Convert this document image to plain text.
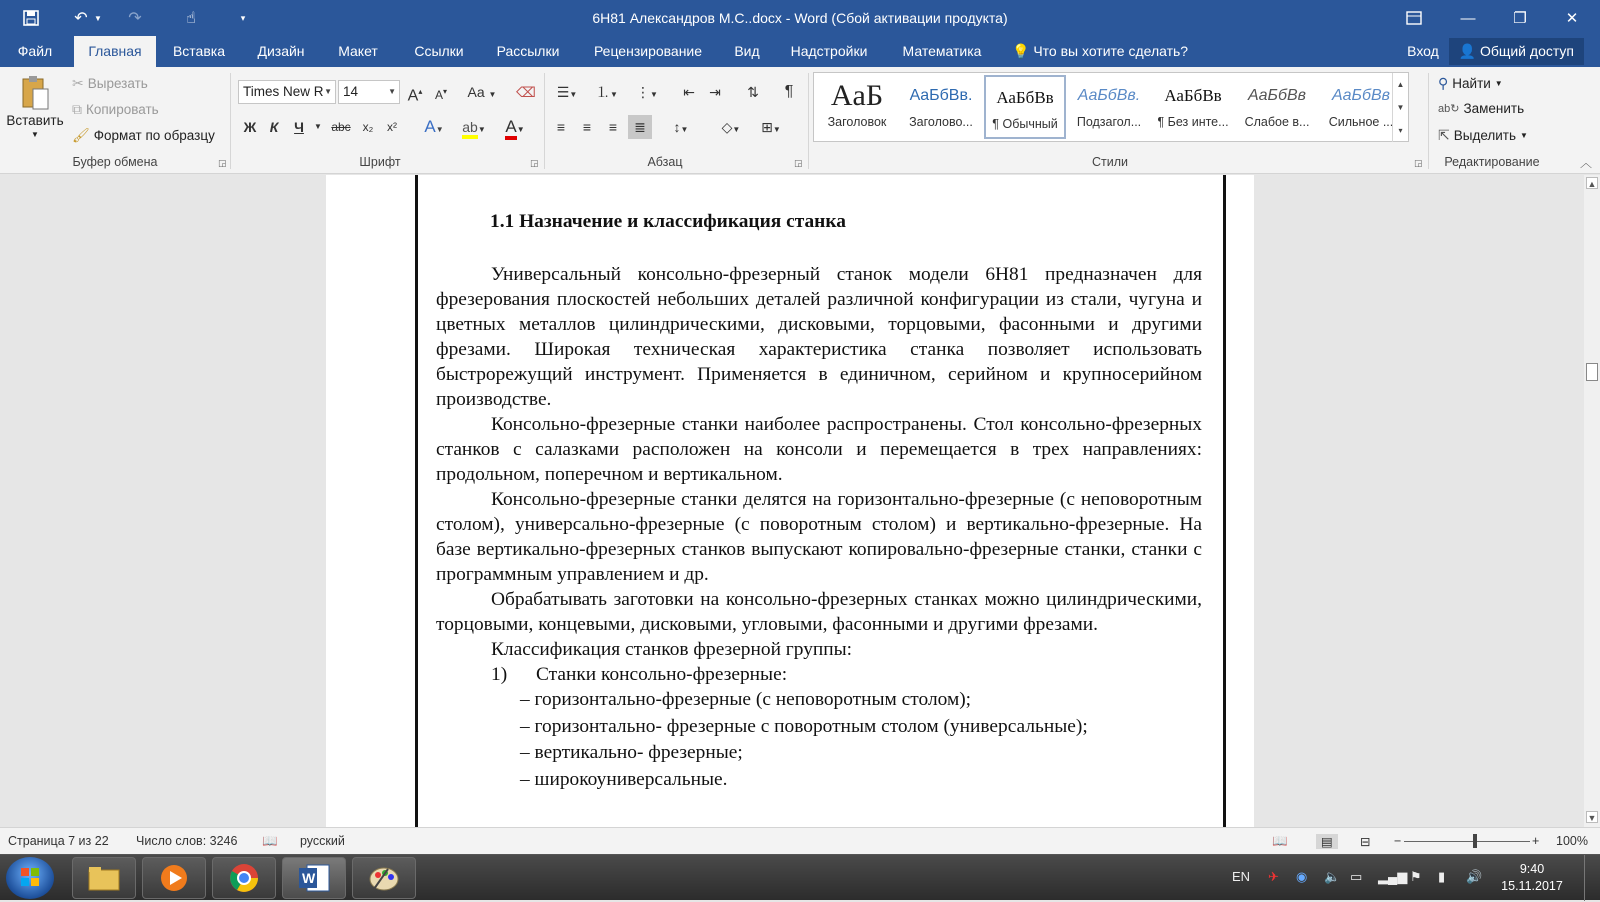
↶ ▼	↷	☝	▾	6Н81 Александров М.С..docx - Word (Сбой активации продукта)	—	❐	✕
Файл	Главная	Вставка	Дизайн	Макет	Ссылки	Рассылки	Рецензирование	Вид	Надстройки	Математика	💡 Что вы хотите сделать?	Вход	👤 Общий доступ
Вставить
▼
✂ Вырезать
⧉ Копировать
🖌 Формат по образцу
Буфер обмена	◲
Times New R ▼ 14	▼ A▴	A▾	Aa ▼	⌫
Ж К	Ч	▼ abc x₂	x²	A▼	ab▼	A▼
Шрифт	◲
☰▼	⒈▼	⋮▼	⇤	⇥	⇅	¶
≡	≡	≡	≣	↕▼	◇▼	⊞▼
Абзац	◲
AaБ
Заголовок
AaБбВв.
Заголово...
АаБбВв
¶ Обычный
АаБбВв.
Подзагол...
АаБбВв
¶ Без инте...
АаБбВв
Слабое в...
АаБбВв
Сильное ...
▲
▼
▾
Стили	◲
⚲ Найти ▼
ab↻ Заменить
⇱ Выделить ▼
Редактирование	︿
1.1 Назначение и классификация станка
Универсальный консольно-фрезерный станок модели 6Н81 предназначен для фрезерования плоскостей небольших деталей различной конфигурации из стали, чугуна и цветных металлов цилиндрическими, дисковыми, торцовыми, фасонными и другими фрезами. Широкая техническая характеристика станка позволяет использовать быстрорежущий инструмент. Применяется в единичном, серийном и крупносерийном производстве.
Консольно-фрезерные станки наиболее распространены. Стол консольно-фрезерных станков с салазками расположен на консоли и перемещается в трех направлениях: продольном, поперечном и вертикальном.
Консольно-фрезерные станки делятся на горизонтально-фрезерные (с неповоротным столом), универсально-фрезерные (с поворотным столом) и вертикально-фрезерные. На базе вертикально-фрезерных станков выпускают копировально-фрезерные станки, станки с программным управлением и др.
Обрабатывать заготовки на консольно-фрезерных станках можно цилиндрическими, торцовыми, концевыми, дисковыми, угловыми, фасонными и другими фрезами.
Классификация станков фрезерной группы:
1) Станки консольно-фрезерные:
– горизонтально-фрезерные (с неповоротным столом);
– горизонтально- фрезерные с поворотным столом (универсальные);
– вертикально- фрезерные;
– широкоуниверсальные.
▲
▼
Страница 7 из 22 Число слов: 3246 📖 русский	📖	▤	⊟ −	+ 100%
W	EN ✈ ◉ 🔈 ▭ ▂▄▆ ⚑ ▮ 🔊	9:40
15.11.2017
